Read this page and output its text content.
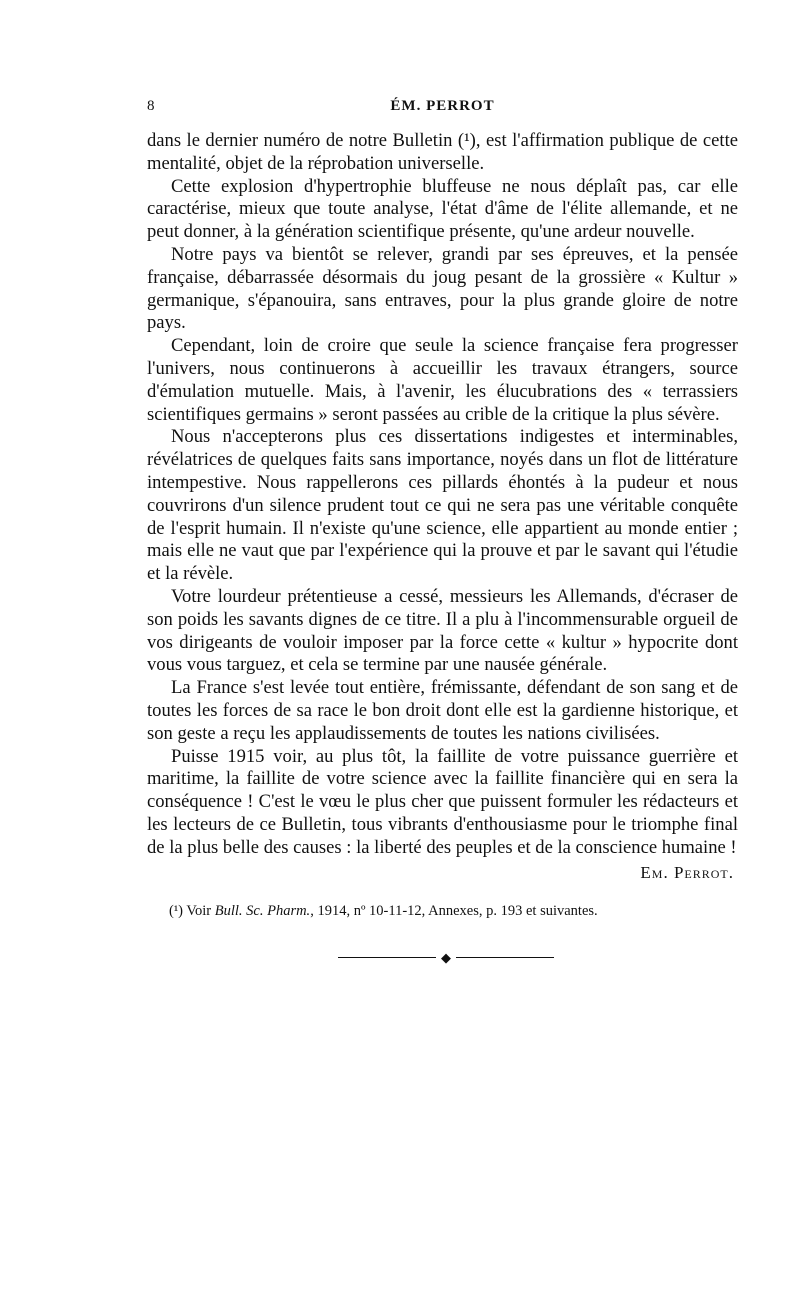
8	ÉM. PERROT

dans le dernier numéro de notre Bulletin (¹), est l'affirmation publique de cette mentalité, objet de la réprobation universelle.

Cette explosion d'hypertrophie bluffeuse ne nous déplaît pas, car elle caractérise, mieux que toute analyse, l'état d'âme de l'élite allemande, et ne peut donner, à la génération scientifique présente, qu'une ardeur nouvelle.

Notre pays va bientôt se relever, grandi par ses épreuves, et la pensée française, débarrassée désormais du joug pesant de la grossière « Kultur » germanique, s'épanouira, sans entraves, pour la plus grande gloire de notre pays.

Cependant, loin de croire que seule la science française fera progresser l'univers, nous continuerons à accueillir les travaux étrangers, source d'émulation mutuelle. Mais, à l'avenir, les élucubrations des « terrassiers scientifiques germains » seront passées au crible de la critique la plus sévère.

Nous n'accepterons plus ces dissertations indigestes et interminables, révélatrices de quelques faits sans importance, noyés dans un flot de littérature intempestive. Nous rappellerons ces pillards éhontés à la pudeur et nous couvrirons d'un silence prudent tout ce qui ne sera pas une véritable conquête de l'esprit humain. Il n'existe qu'une science, elle appartient au monde entier ; mais elle ne vaut que par l'expérience qui la prouve et par le savant qui l'étudie et la révèle.

Votre lourdeur prétentieuse a cessé, messieurs les Allemands, d'écraser de son poids les savants dignes de ce titre. Il a plu à l'incommensurable orgueil de vos dirigeants de vouloir imposer par la force cette « kultur » hypocrite dont vous vous targuez, et cela se termine par une nausée générale.

La France s'est levée tout entière, frémissante, défendant de son sang et de toutes les forces de sa race le bon droit dont elle est la gardienne historique, et son geste a reçu les applaudissements de toutes les nations civilisées.

Puisse 1915 voir, au plus tôt, la faillite de votre puissance guerrière et maritime, la faillite de votre science avec la faillite financière qui en sera la conséquence ! C'est le vœu le plus cher que puissent formuler les rédacteurs et les lecteurs de ce Bulletin, tous vibrants d'enthousiasme pour le triomphe final de la plus belle des causes : la liberté des peuples et de la conscience humaine !

Em. Perrot.
(¹) Voir Bull. Sc. Pharm., 1914, nº 10-11-12, Annexes, p. 193 et suivantes.
◆
